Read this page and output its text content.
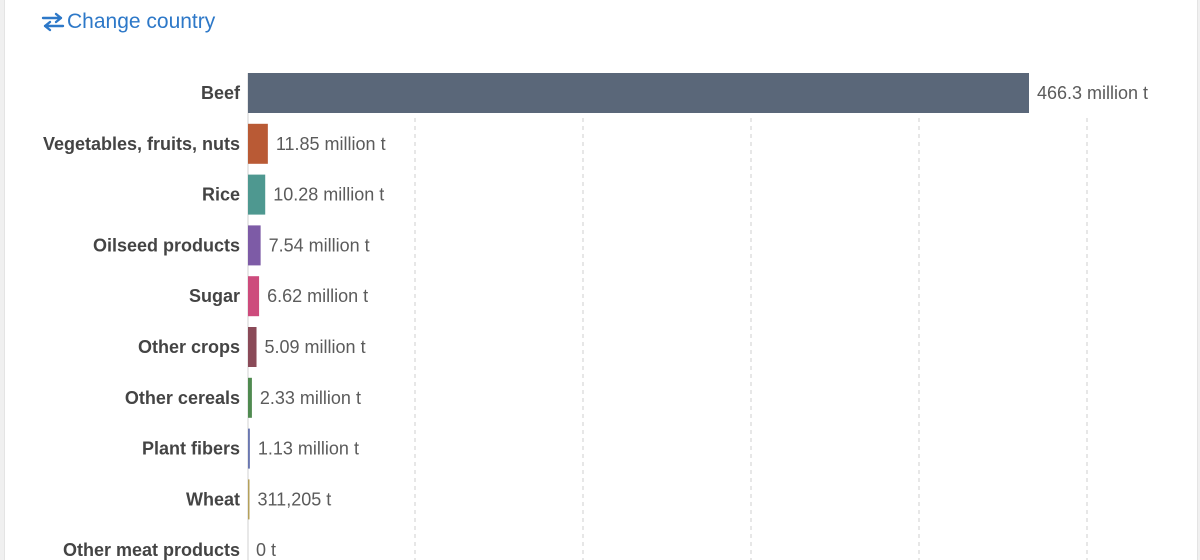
Change country
Beef	466.3 million t
Vegetables, fruits, nuts 11.85 million t
Rice 10.28 million t
Oilseed products 7.54 million t
Sugar 6.62 million t
Other crops 5.09 million t
Other cereals 2.33 million t
Plant fibers 1.13 million t
Wheat 311,205 t
Other meat products 0 t
